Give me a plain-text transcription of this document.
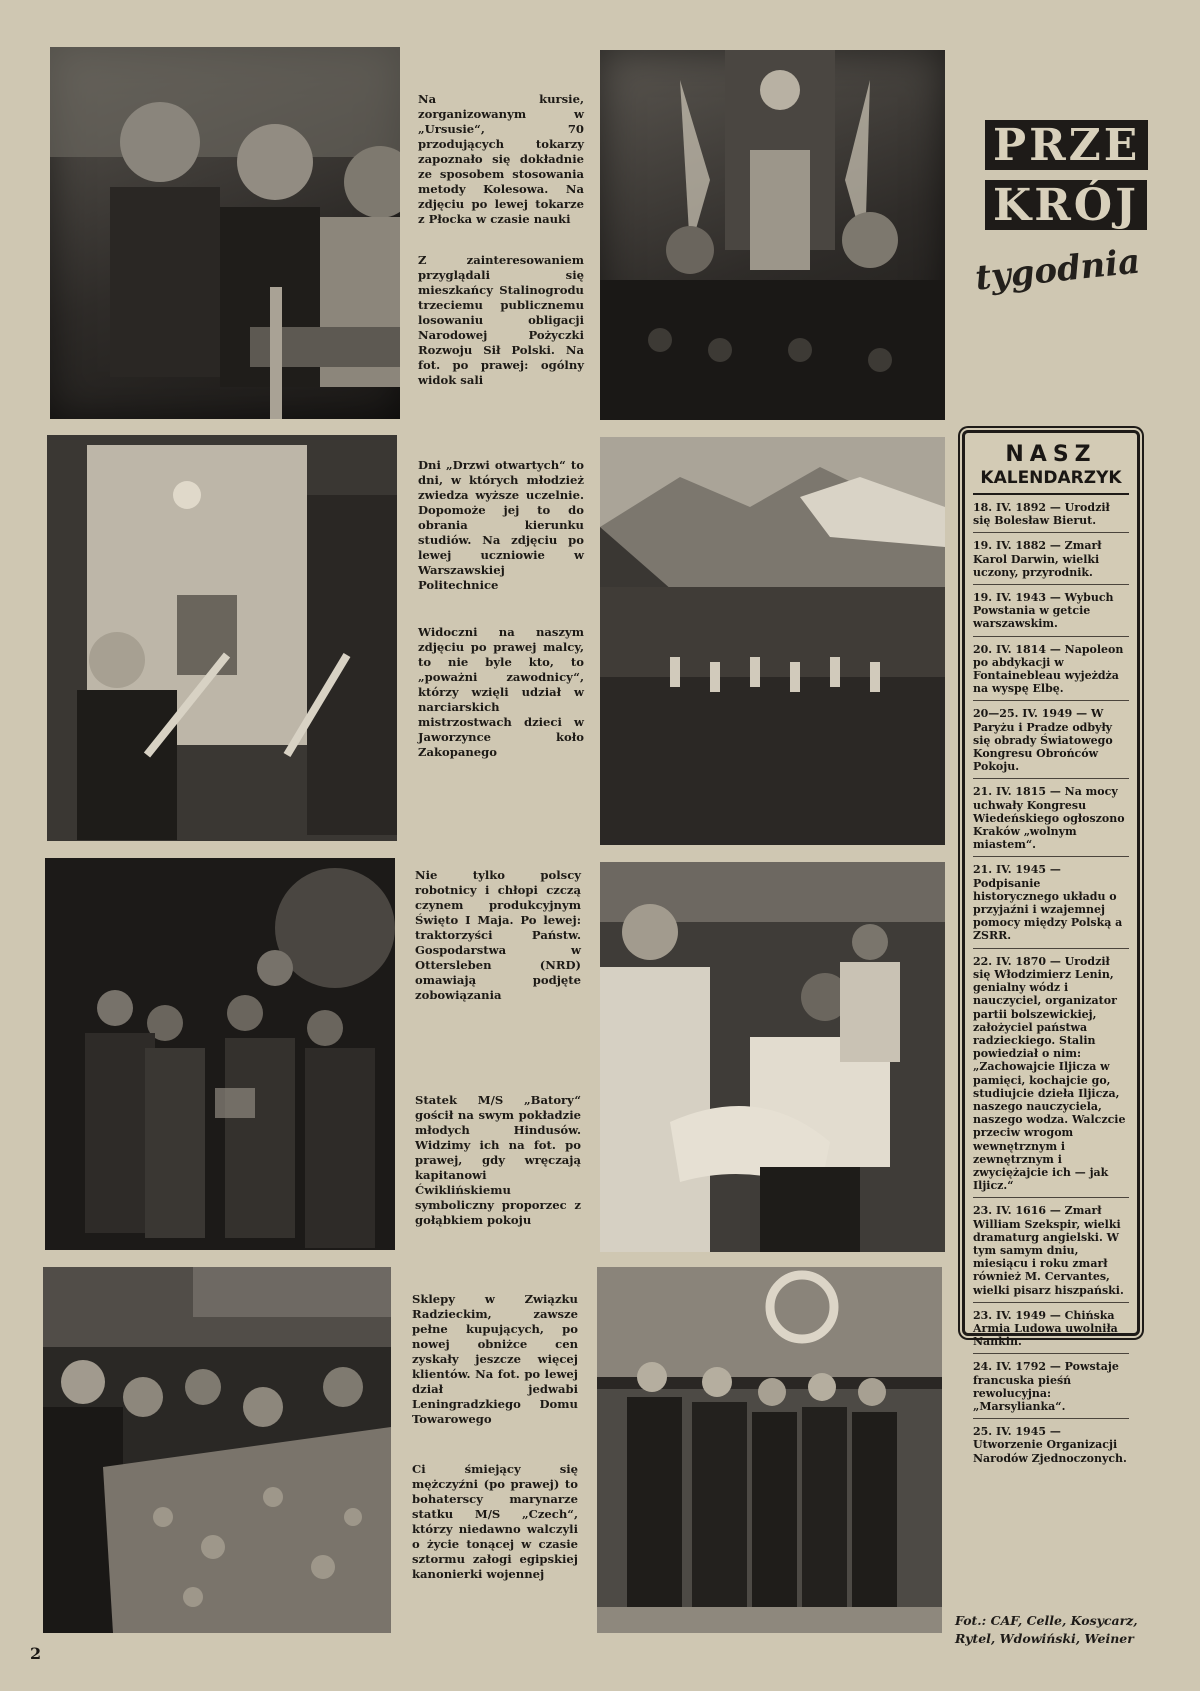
Na kursie, zorganizowanym w „Ursusie“, 70 przodujących tokarzy zapoznało się dokładnie ze sposobem stosowania metody Kolesowa. Na zdjęciu po lewej tokarze z Płocka w czasie nauki
Z zainteresowaniem przyglądali się mieszkańcy Stalinogrodu trzeciemu publicznemu losowaniu obligacji Narodowej Pożyczki Rozwoju Sił Polski. Na fot. po prawej: ogólny widok sali
Dni „Drzwi otwartych“ to dni, w których młodzież zwiedza wyższe uczelnie. Dopomoże jej to do obrania kierunku studiów. Na zdjęciu po lewej uczniowie w Warszawskiej Politechnice
Widoczni na naszym zdjęciu po prawej malcy, to nie byle kto, to „poważni zawodnicy“, którzy wzięli udział w narciarskich mistrzostwach dzieci w Jaworzynce koło Zakopanego
Nie tylko polscy robotnicy i chłopi czczą czynem produkcyjnym Święto I Maja. Po lewej: traktorzyści Państw. Gospodarstwa w Ottersleben (NRD) omawiają podjęte zobowiązania
Statek M/S „Batory“ gościł na swym pokładzie młodych Hindusów. Widzimy ich na fot. po prawej, gdy wręczają kapitanowi Ćwiklińskiemu symboliczny proporzec z gołąbkiem pokoju
Sklepy w Związku Radzieckim, zawsze pełne kupujących, po nowej obniżce cen zyskały jeszcze więcej klientów. Na fot. po lewej dział jedwabi Leningradzkiego Domu Towarowego
Ci śmiejący się mężczyźni (po prawej) to bohaterscy marynarze statku M/S „Czech“, którzy niedawno walczyli o życie tonącej w czasie sztormu załogi egipskiej kanonierki wojennej
PRZE
KRÓJ
tygodnia
NASZ
KALENDARZYK
18. IV. 1892 — Urodził się Bolesław Bierut.
19. IV. 1882 — Zmarł Karol Darwin, wielki uczony, przyrodnik.
19. IV. 1943 — Wybuch Powstania w getcie warszawskim.
20. IV. 1814 — Napoleon po abdykacji w Fontainebleau wyjeżdża na wyspę Elbę.
20—25. IV. 1949 — W Paryżu i Pradze odbyły się obrady Światowego Kongresu Obrońców Pokoju.
21. IV. 1815 — Na mocy uchwały Kongresu Wiedeńskiego ogłoszono Kraków „wolnym miastem“.
21. IV. 1945 — Podpisanie historycznego układu o przyjaźni i wzajemnej pomocy między Polską a ZSRR.
22. IV. 1870 — Urodził się Włodzimierz Lenin, genialny wódz i nauczyciel, organizator partii bolszewickiej, założyciel państwa radzieckiego. Stalin powiedział o nim: „Zachowajcie Iljicza w pamięci, kochajcie go, studiujcie dzieła Iljicza, naszego nauczyciela, naszego wodza. Walczcie przeciw wrogom wewnętrznym i zewnętrznym i zwyciężajcie ich — jak Iljicz.“
23. IV. 1616 — Zmarł William Szekspir, wielki dramaturg angielski. W tym samym dniu, miesiącu i roku zmarł również M. Cervantes, wielki pisarz hiszpański.
23. IV. 1949 — Chińska Armia Ludowa uwolniła Nankin.
24. IV. 1792 — Powstaje francuska pieśń rewolucyjna: „Marsylianka“.
25. IV. 1945 — Utworzenie Organizacji Narodów Zjednoczonych.
Fot.: CAF, Celle, Kosycarz, Rytel, Wdowiński, Weiner
2
